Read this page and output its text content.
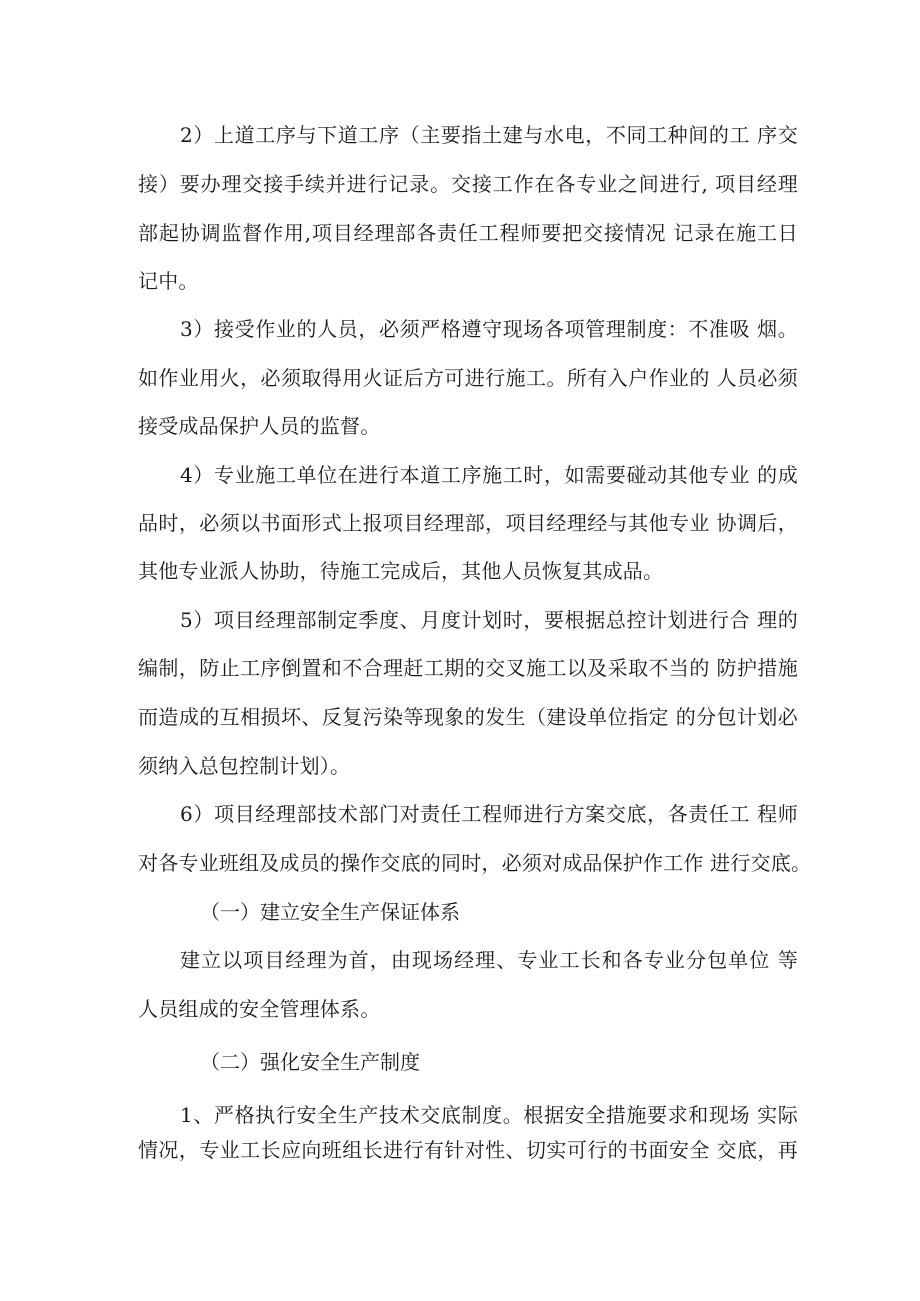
2）上道工序与下道工序（主要指土建与水电，不同工种间的工 序交
接）要办理交接手续并进行记录。交接工作在各专业之间进行, 项目经理
部起协调监督作用,项目经理部各责任工程师要把交接情况 记录在施工日
记中。
3）接受作业的人员，必须严格遵守现场各项管理制度：不准吸 烟。
如作业用火，必须取得用火证后方可进行施工。所有入户作业的 人员必须
接受成品保护人员的监督。
4）专业施工单位在进行本道工序施工时，如需要碰动其他专业 的成
品时，必须以书面形式上报项目经理部，项目经理经与其他专业 协调后，
其他专业派人协助，待施工完成后，其他人员恢复其成品。
5）项目经理部制定季度、月度计划时，要根据总控计划进行合 理的
编制，防止工序倒置和不合理赶工期的交叉施工以及采取不当的 防护措施
而造成的互相损坏、反复污染等现象的发生（建设单位指定 的分包计划必
须纳入总包控制计划）。
6）项目经理部技术部门对责任工程师进行方案交底，各责任工 程师
对各专业班组及成员的操作交底的同时，必须对成品保护作工作 进行交底。
（一）建立安全生产保证体系
建立以项目经理为首，由现场经理、专业工长和各专业分包单位 等
人员组成的安全管理体系。
（二）强化安全生产制度
1、严格执行安全生产技术交底制度。根据安全措施要求和现场 实际
情况，专业工长应向班组长进行有针对性、切实可行的书面安全 交底，再
